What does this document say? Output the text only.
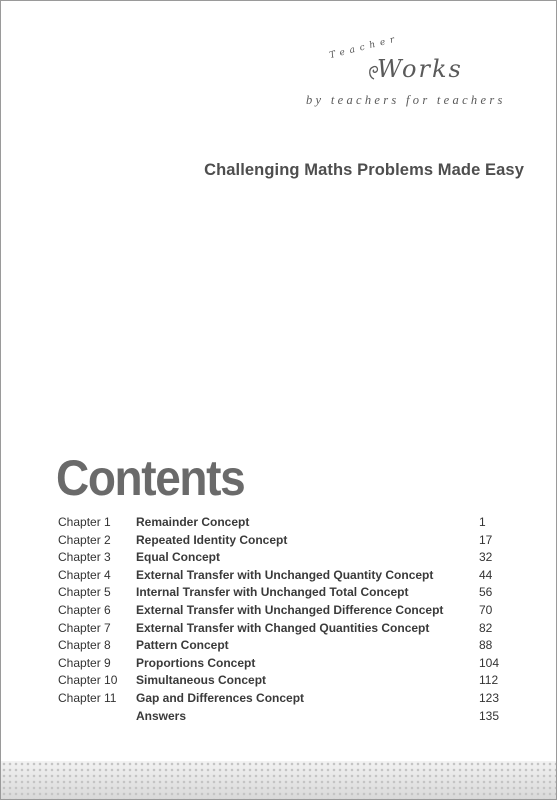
Teacher
Works
by teachers for teachers
Challenging Maths Problems Made Easy
Contents
Chapter 1 Remainder Concept	1
Chapter 2 Repeated Identity Concept	17
Chapter 3 Equal Concept	32
Chapter 4 External Transfer with Unchanged Quantity Concept	44
Chapter 5 Internal Transfer with Unchanged Total Concept	56
Chapter 6 External Transfer with Unchanged Difference Concept	70
Chapter 7 External Transfer with Changed Quantities Concept	82
Chapter 8 Pattern Concept	88
Chapter 9 Proportions Concept	104
Chapter 10 Simultaneous Concept	112
Chapter 11 Gap and Differences Concept	123
Answers	135
